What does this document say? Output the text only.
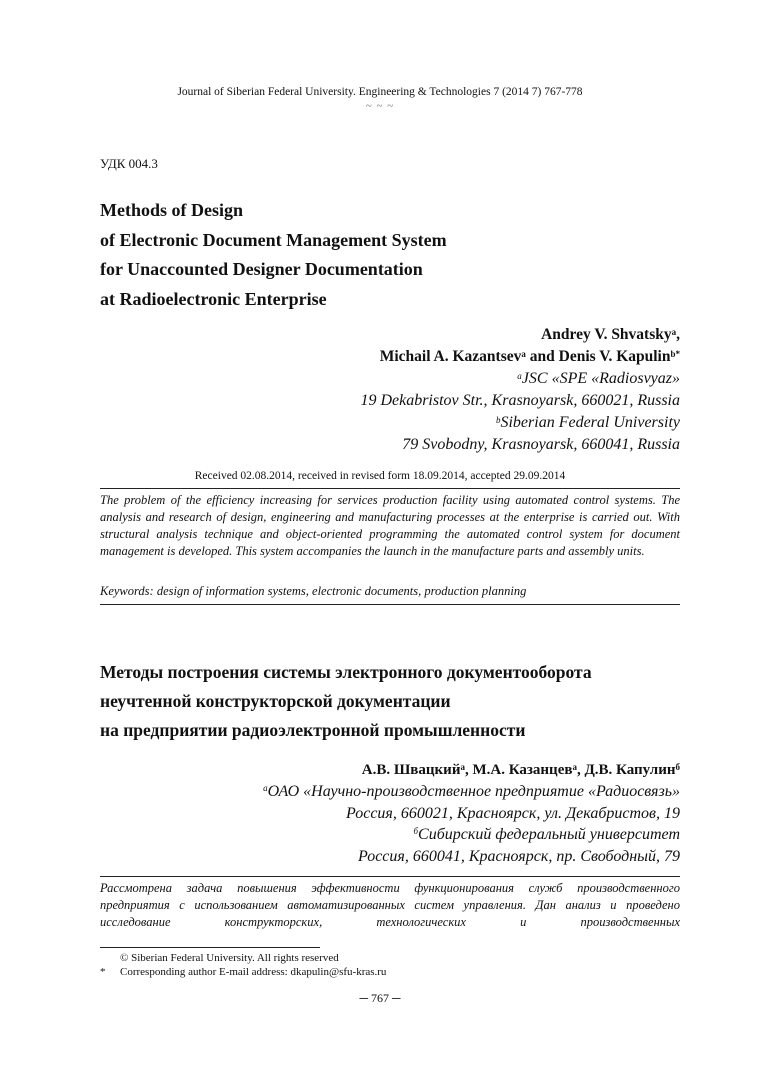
Journal of Siberian Federal University. Engineering & Technologies 7 (2014 7) 767-778
~ ~ ~
УДК 004.3
Methods of Design
of Electronic Document Management System
for Unaccounted Designer Documentation
at Radioelectronic Enterprise
Andrey V. Shvatsky$^a$,
Michail A. Kazantsev$^a$ and Denis V. Kapulin$^{b*}$
$^a$JSC «SPE «Radiosvyaz»
19 Dekabristov Str., Krasnoyarsk, 660021, Russia
$^b$Siberian Federal University
79 Svobodny, Krasnoyarsk, 660041, Russia
Received 02.08.2014, received in revised form 18.09.2014, accepted 29.09.2014
The problem of the efficiency increasing for services production facility using automated control systems. The analysis and research of design, engineering and manufacturing processes at the enterprise is carried out. With structural analysis technique and object-oriented programming the automated control system for document management is developed. This system accompanies the launch in the manufacture parts and assembly units.
Keywords: design of information systems, electronic documents, production planning
Методы построения системы электронного документооборота
неучтенной конструкторской документации
на предприятии радиоэлектронной промышленности
А.В. Швацкий$^а$, М.А. Казанцев$^а$, Д.В. Капулин$^б$
$^а$ОАО «Научно-производственное предприятие «Радиосвязь»
Россия, 660021, Красноярск, ул. Декабристов, 19
$^б$Сибирский федеральный университет
Россия, 660041, Красноярск, пр. Свободный, 79
Рассмотрена задача повышения эффективности функционирования служб производственного предприятия с использованием автоматизированных систем управления. Дан анализ и проведено исследование конструкторских, технологических и производственных
© Siberian Federal University. All rights reserved
*	Corresponding author E-mail address: dkapulin@sfu-kras.ru
─ 767 ─
